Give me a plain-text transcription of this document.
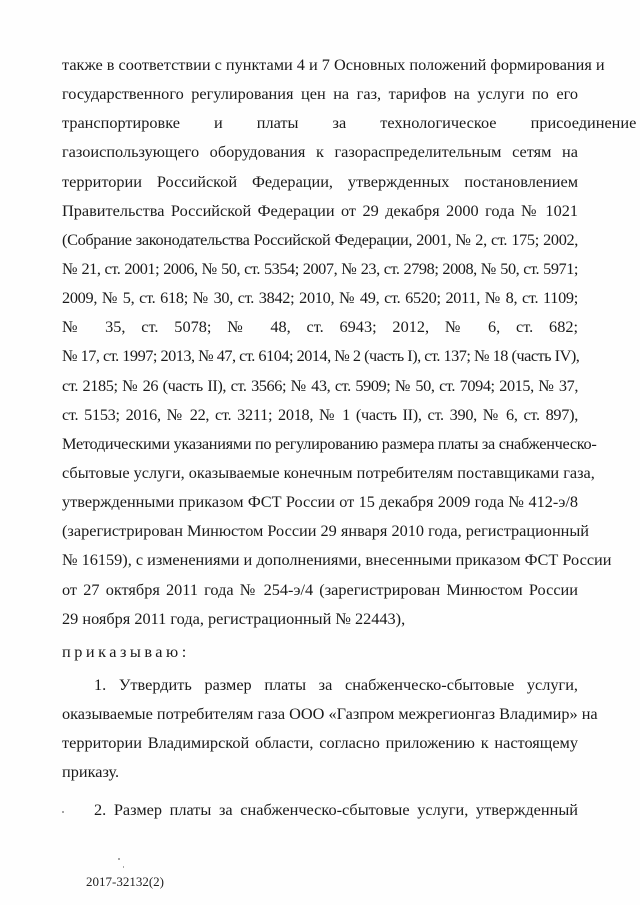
также в соответствии с пунктами 4 и 7 Основных положений формирования и
государственного регулирования цен на газ, тарифов на услуги по его
транспортировке и платы за технологическое присоединение
газоиспользующего оборудования к газораспределительным сетям на
территории Российской Федерации, утвержденных постановлением
Правительства Российской Федерации от 29 декабря 2000 года № 1021
(Собрание законодательства Российской Федерации, 2001, № 2, ст. 175; 2002,
№ 21, ст. 2001; 2006, № 50, ст. 5354; 2007, № 23, ст. 2798; 2008, № 50, ст. 5971;
2009, № 5, ст. 618; № 30, ст. 3842; 2010, № 49, ст. 6520; 2011, № 8, ст. 1109;
№ 35, ст. 5078; № 48, ст. 6943; 2012, № 6, ст. 682;
№ 17, ст. 1997; 2013, № 47, ст. 6104; 2014, № 2 (часть I), ст. 137; № 18 (часть IV),
ст. 2185; № 26 (часть II), ст. 3566; № 43, ст. 5909; № 50, ст. 7094; 2015, № 37,
ст. 5153; 2016, № 22, ст. 3211; 2018, № 1 (часть II), ст. 390, № 6, ст. 897),
Методическими указаниями по регулированию размера платы за снабженческо-
сбытовые услуги, оказываемые конечным потребителям поставщиками газа,
утвержденными приказом ФСТ России от 15 декабря 2009 года № 412-э/8
(зарегистрирован Минюстом России 29 января 2010 года, регистрационный
№ 16159), с изменениями и дополнениями, внесенными приказом ФСТ России
от 27 октября 2011 года № 254-э/4 (зарегистрирован Минюстом России
29 ноября 2011 года, регистрационный № 22443),
приказываю:
1. Утвердить размер платы за снабженческо-сбытовые услуги,
оказываемые потребителям газа ООО «Газпром межрегионгаз Владимир» на
территории Владимирской области, согласно приложению к настоящему
приказу.
2. Размер платы за снабженческо-сбытовые услуги, утвержденный
2017-32132(2)
